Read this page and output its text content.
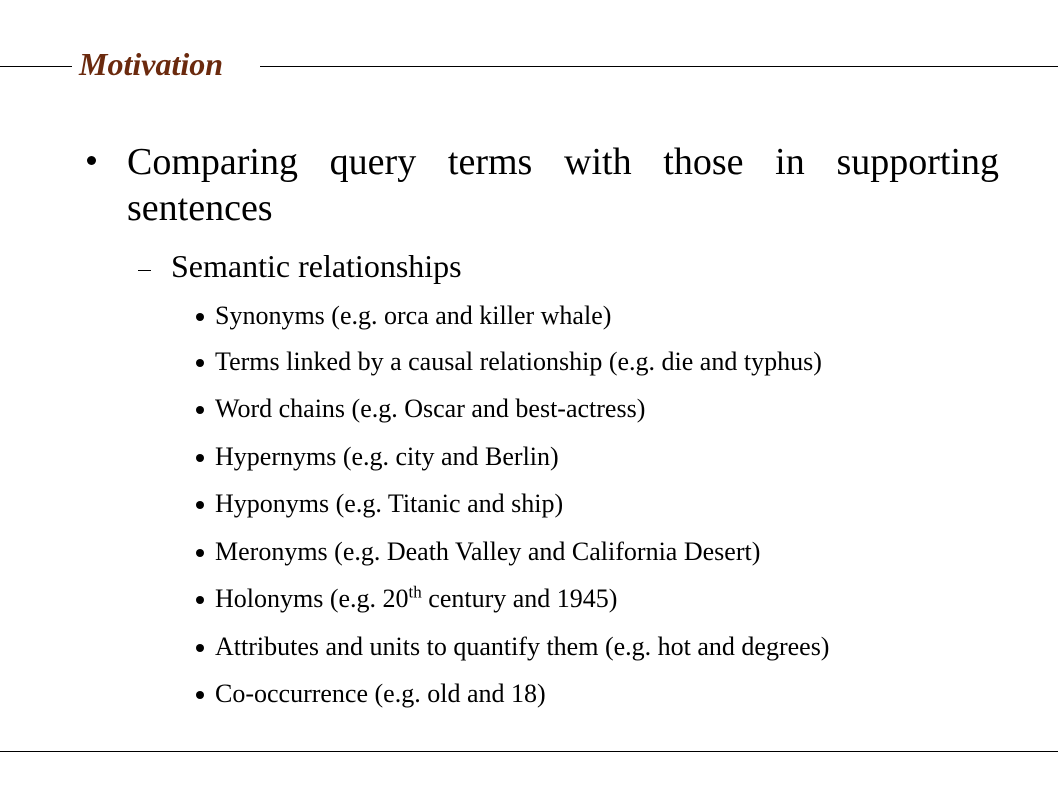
Motivation
Comparing query terms with those in supporting sentences
Semantic relationships
Synonyms (e.g. orca and killer whale)
Terms linked by a causal relationship (e.g. die and typhus)
Word chains (e.g. Oscar and best-actress)
Hypernyms (e.g. city and Berlin)
Hyponyms (e.g. Titanic and ship)
Meronyms (e.g. Death Valley and California Desert)
Holonyms (e.g. 20th century and 1945)
Attributes and units to quantify them (e.g. hot and degrees)
Co-occurrence (e.g. old and 18)
